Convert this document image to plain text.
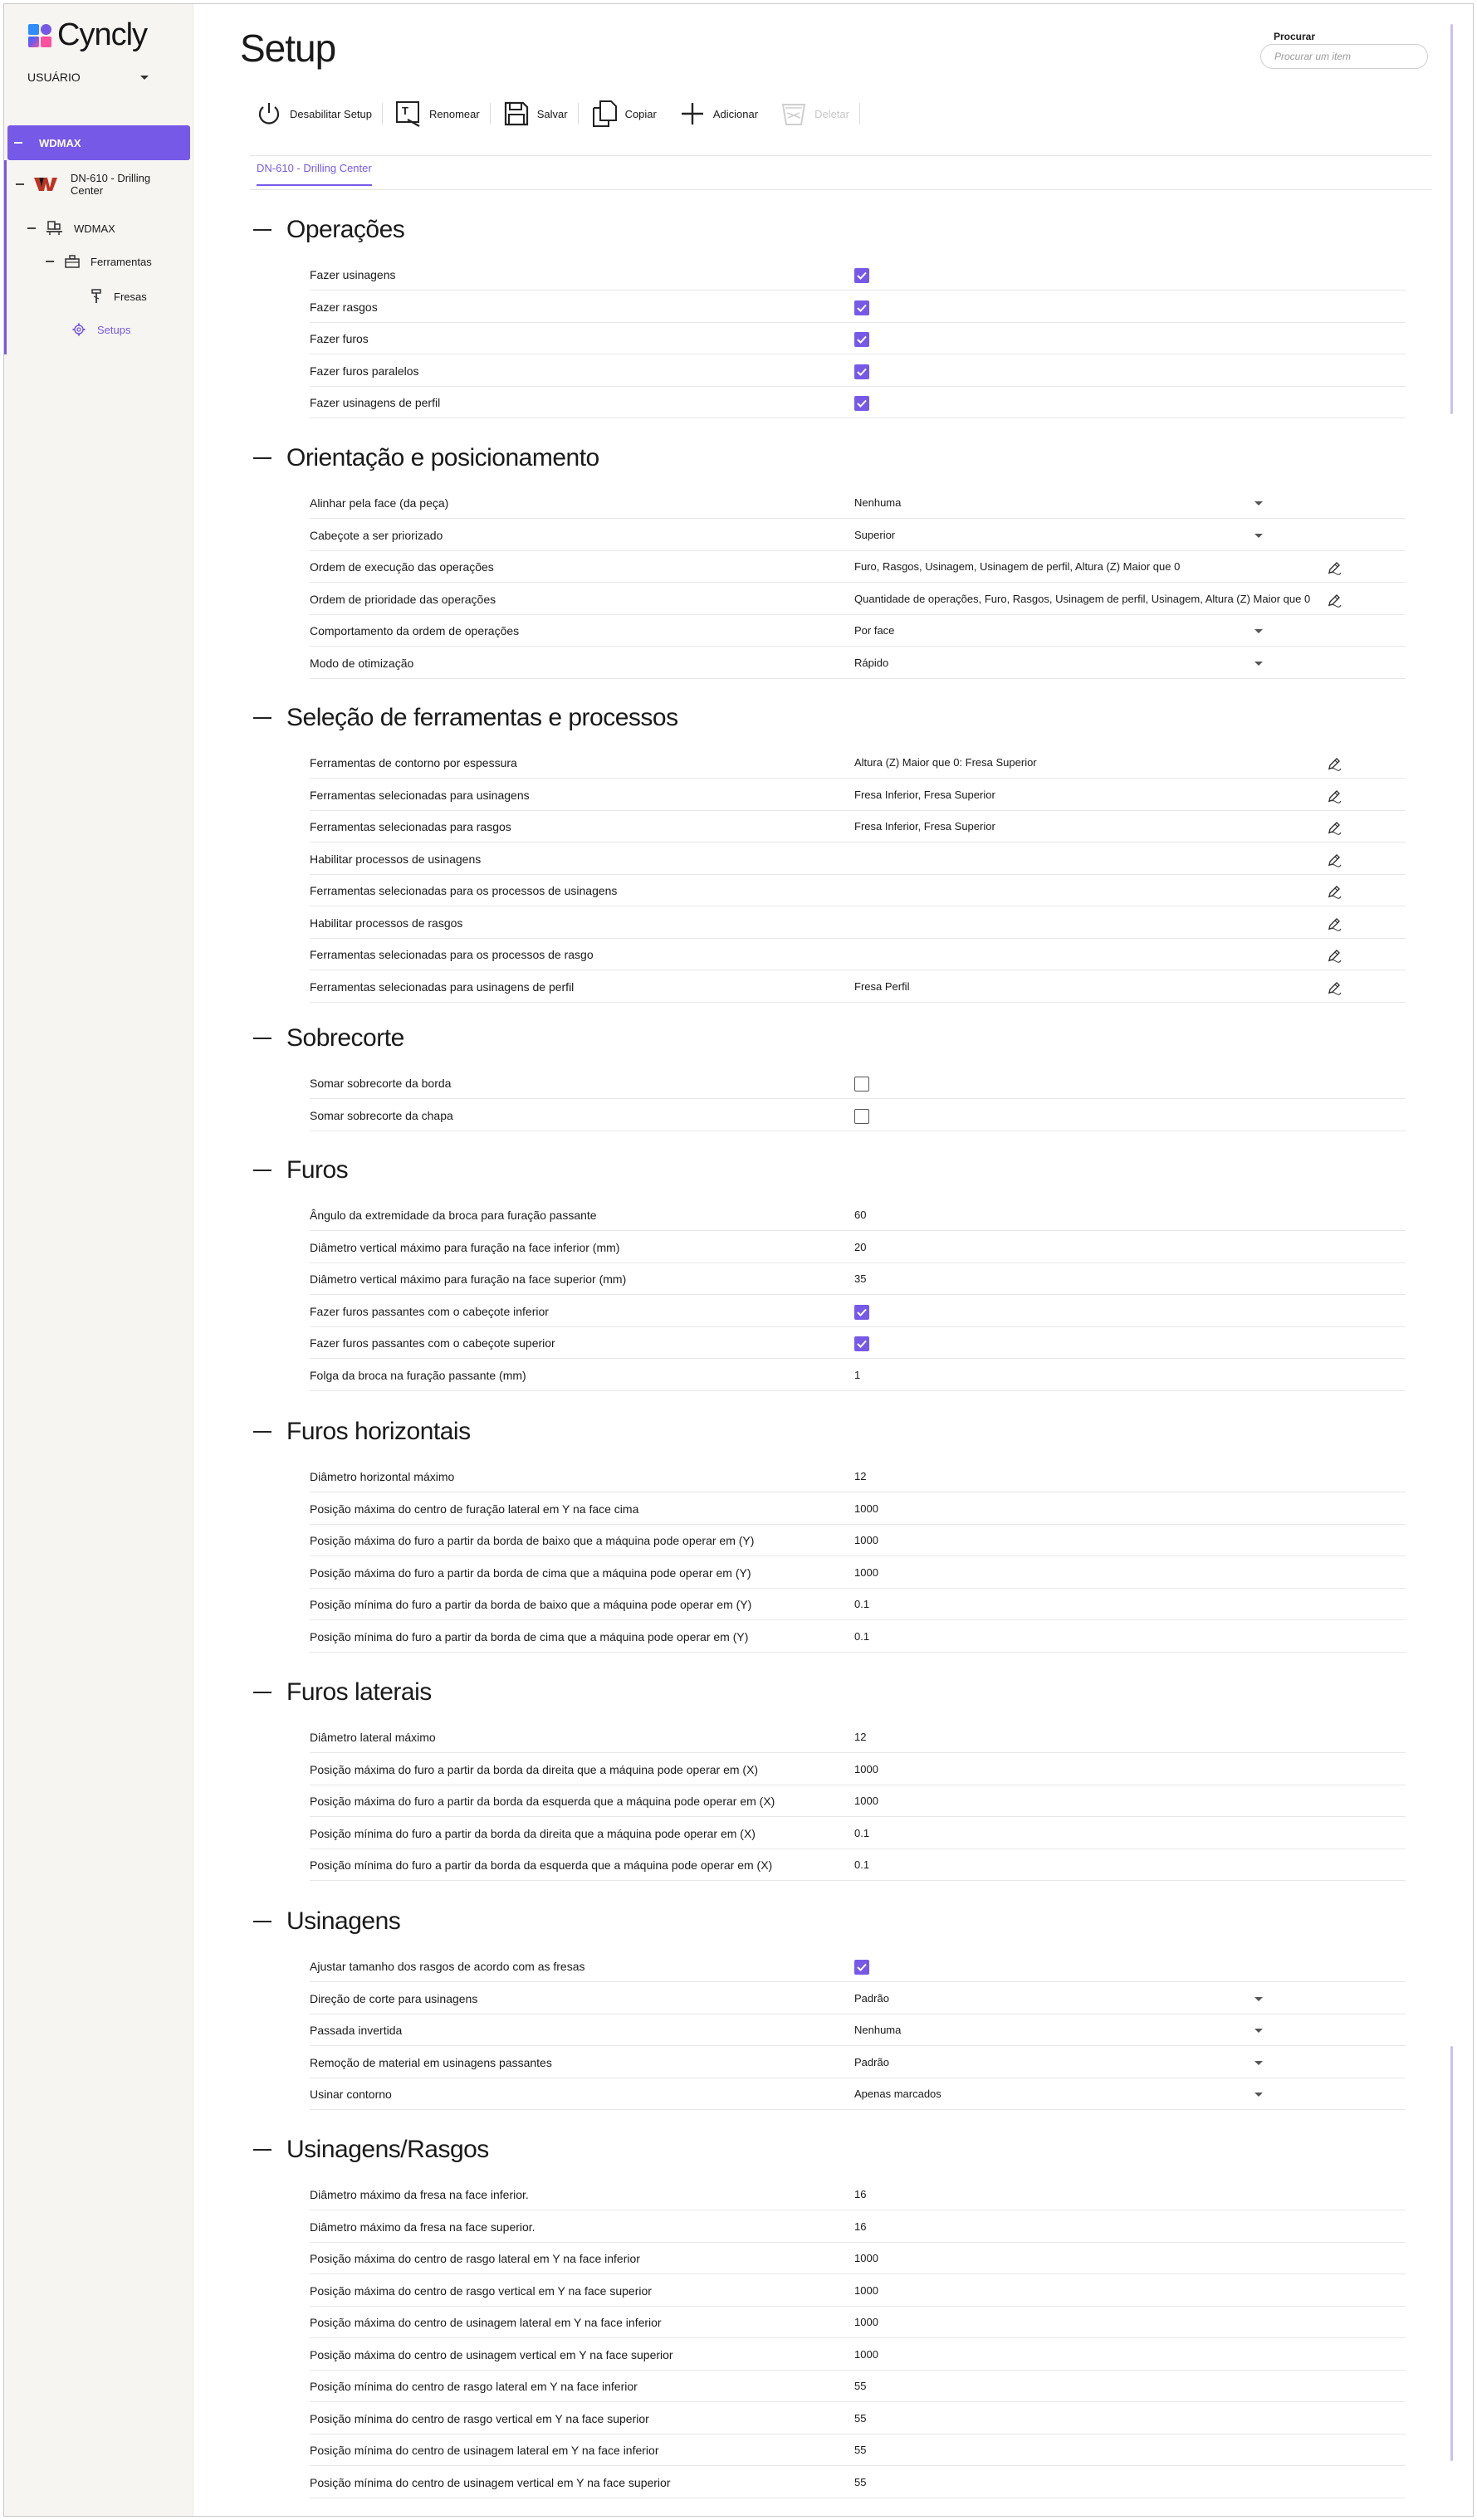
Cyncly
USUÁRIO
WDMAX
DN-610 - Drilling
Center
WDMAX
Ferramentas
Fresas
Setups
Setup	Procurar
Procurar um item
Desabilitar Setup	T Renomear	Salvar	Copiar	Adicionar	Deletar
DN-610 - Drilling Center
Operações
Fazer usinagens
Fazer rasgos
Fazer furos
Fazer furos paralelos
Fazer usinagens de perfil
Orientação e posicionamento
Alinhar pela face (da peça)	Nenhuma
Cabeçote a ser priorizado	Superior
Ordem de execução das operações	Furo, Rasgos, Usinagem, Usinagem de perfil, Altura (Z) Maior que 0
Ordem de prioridade das operações	Quantidade de operações, Furo, Rasgos, Usinagem de perfil, Usinagem, Altura (Z) Maior que 0
Comportamento da ordem de operações	Por face
Modo de otimização	Rápido
Seleção de ferramentas e processos
Ferramentas de contorno por espessura	Altura (Z) Maior que 0: Fresa Superior
Ferramentas selecionadas para usinagens	Fresa Inferior, Fresa Superior
Ferramentas selecionadas para rasgos	Fresa Inferior, Fresa Superior
Habilitar processos de usinagens
Ferramentas selecionadas para os processos de usinagens
Habilitar processos de rasgos
Ferramentas selecionadas para os processos de rasgo
Ferramentas selecionadas para usinagens de perfil	Fresa Perfil
Sobrecorte
Somar sobrecorte da borda
Somar sobrecorte da chapa
Furos
Ângulo da extremidade da broca para furação passante	60
Diâmetro vertical máximo para furação na face inferior (mm)	20
Diâmetro vertical máximo para furação na face superior (mm)	35
Fazer furos passantes com o cabeçote inferior
Fazer furos passantes com o cabeçote superior
Folga da broca na furação passante (mm)	1
Furos horizontais
Diâmetro horizontal máximo	12
Posição máxima do centro de furação lateral em Y na face cima	1000
Posição máxima do furo a partir da borda de baixo que a máquina pode operar em (Y)	1000
Posição máxima do furo a partir da borda de cima que a máquina pode operar em (Y)	1000
Posição mínima do furo a partir da borda de baixo que a máquina pode operar em (Y)	0.1
Posição mínima do furo a partir da borda de cima que a máquina pode operar em (Y)	0.1
Furos laterais
Diâmetro lateral máximo	12
Posição máxima do furo a partir da borda da direita que a máquina pode operar em (X)	1000
Posição máxima do furo a partir da borda da esquerda que a máquina pode operar em (X)	1000
Posição mínima do furo a partir da borda da direita que a máquina pode operar em (X)	0.1
Posição mínima do furo a partir da borda da esquerda que a máquina pode operar em (X)	0.1
Usinagens
Ajustar tamanho dos rasgos de acordo com as fresas
Direção de corte para usinagens	Padrão
Passada invertida	Nenhuma
Remoção de material em usinagens passantes	Padrão
Usinar contorno	Apenas marcados
Usinagens/Rasgos
Diâmetro máximo da fresa na face inferior.	16
Diâmetro máximo da fresa na face superior.	16
Posição máxima do centro de rasgo lateral em Y na face inferior	1000
Posição máxima do centro de rasgo vertical em Y na face superior	1000
Posição máxima do centro de usinagem lateral em Y na face inferior	1000
Posição máxima do centro de usinagem vertical em Y na face superior	1000
Posição mínima do centro de rasgo lateral em Y na face inferior	55
Posição mínima do centro de rasgo vertical em Y na face superior	55
Posição mínima do centro de usinagem lateral em Y na face inferior	55
Posição mínima do centro de usinagem vertical em Y na face superior	55
